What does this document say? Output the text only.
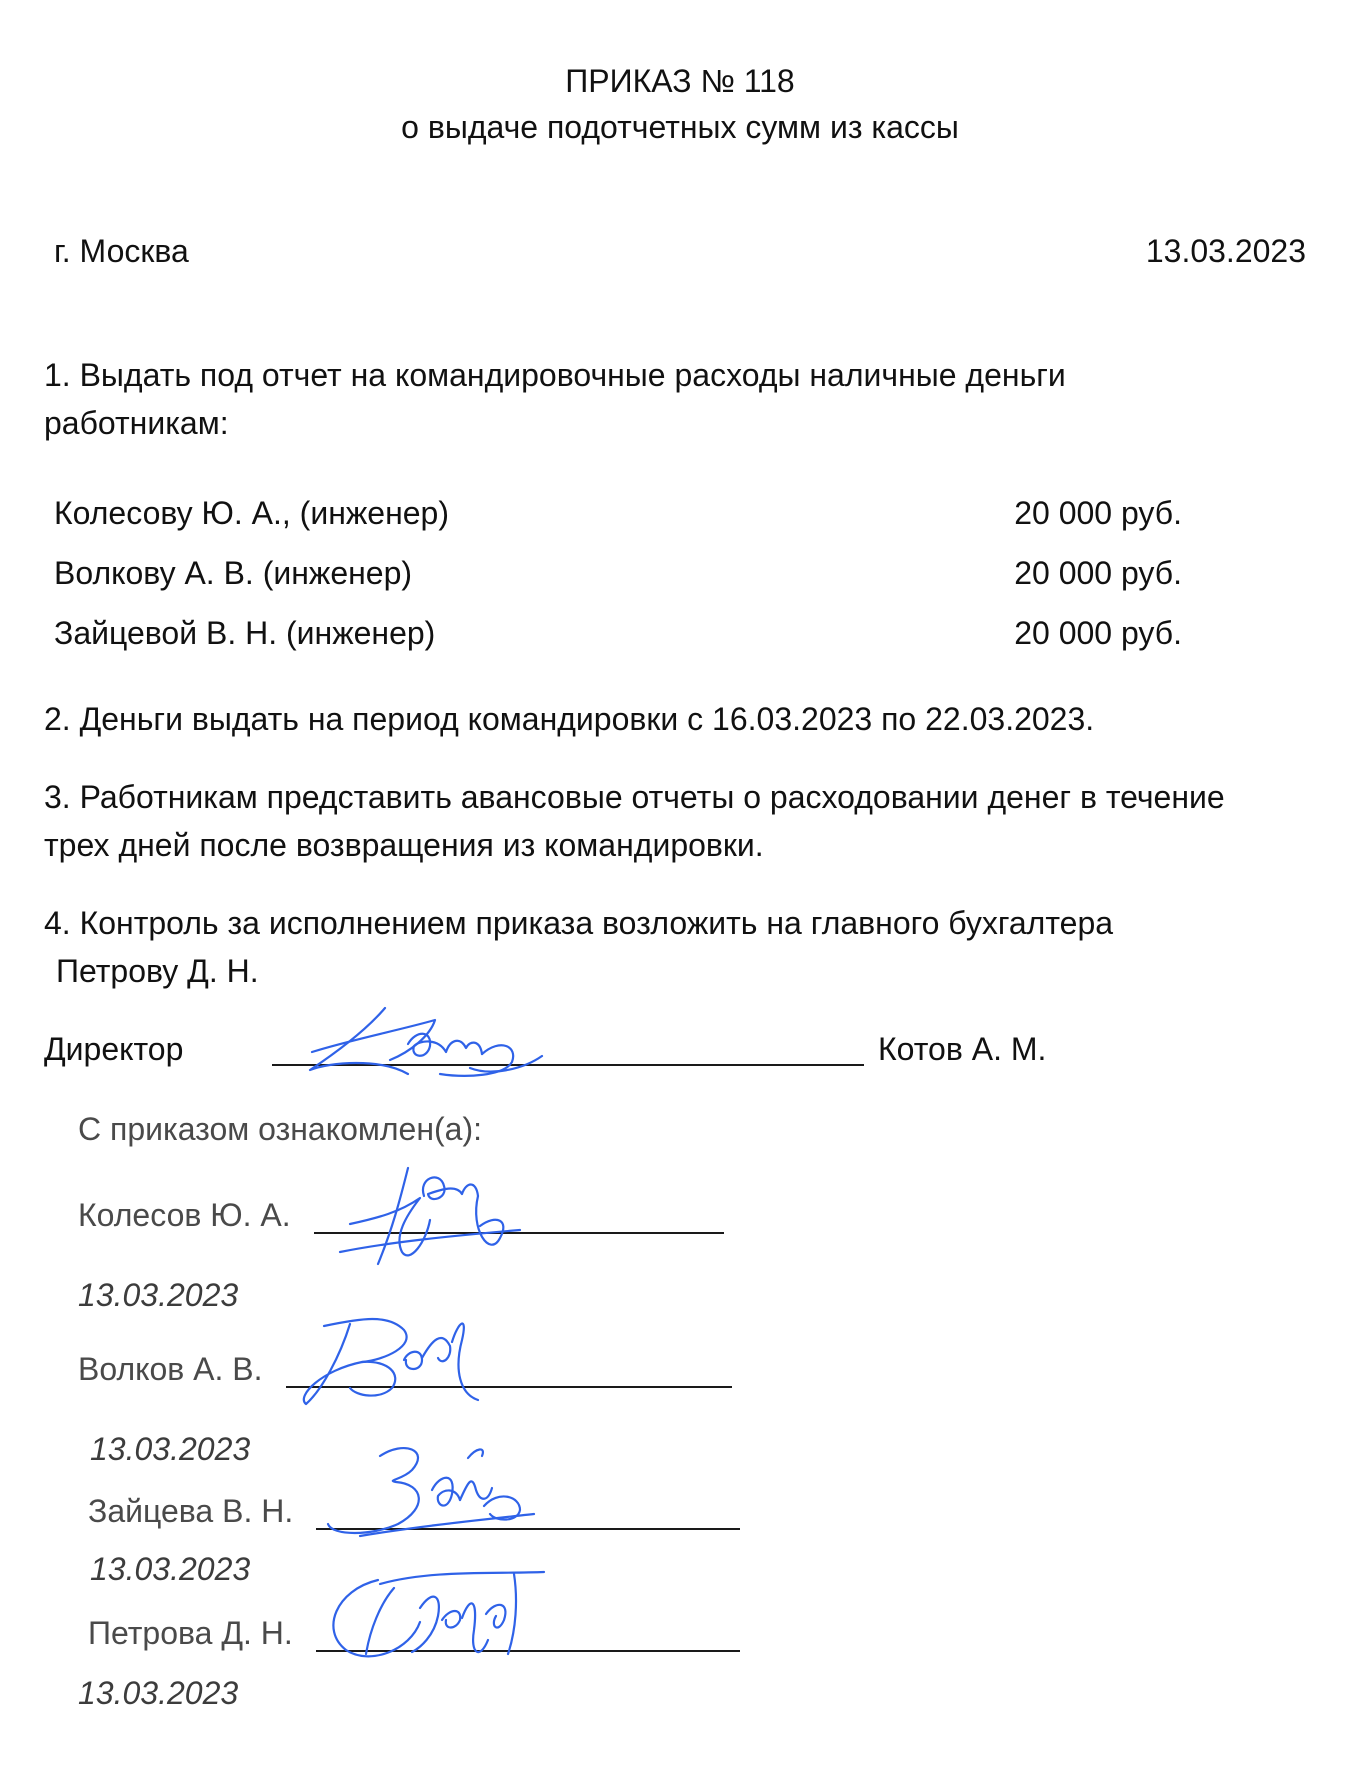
ПРИКАЗ № 118
о выдаче подотчетных сумм из кассы
г. Москва	13.03.2023
1. Выдать под отчет на командировочные расходы наличные деньги
работникам:
Колесову Ю. А., (инженер)	20 000 руб.
Волкову А. В. (инженер)	20 000 руб.
Зайцевой В. Н. (инженер)	20 000 руб.
2. Деньги выдать на период командировки с 16.03.2023 по 22.03.2023.
3. Работникам представить авансовые отчеты о расходовании денег в течение
трех дней после возвращения из командировки.
4. Контроль за исполнением приказа возложить на главного бухгалтера
Петрову Д. Н.
Директор	Котов А. М.
С приказом ознакомлен(а):
Колесов Ю. А.
13.03.2023
Волков А. В.
13.03.2023
Зайцева В. Н.
13.03.2023
Петрова Д. Н.
13.03.2023
